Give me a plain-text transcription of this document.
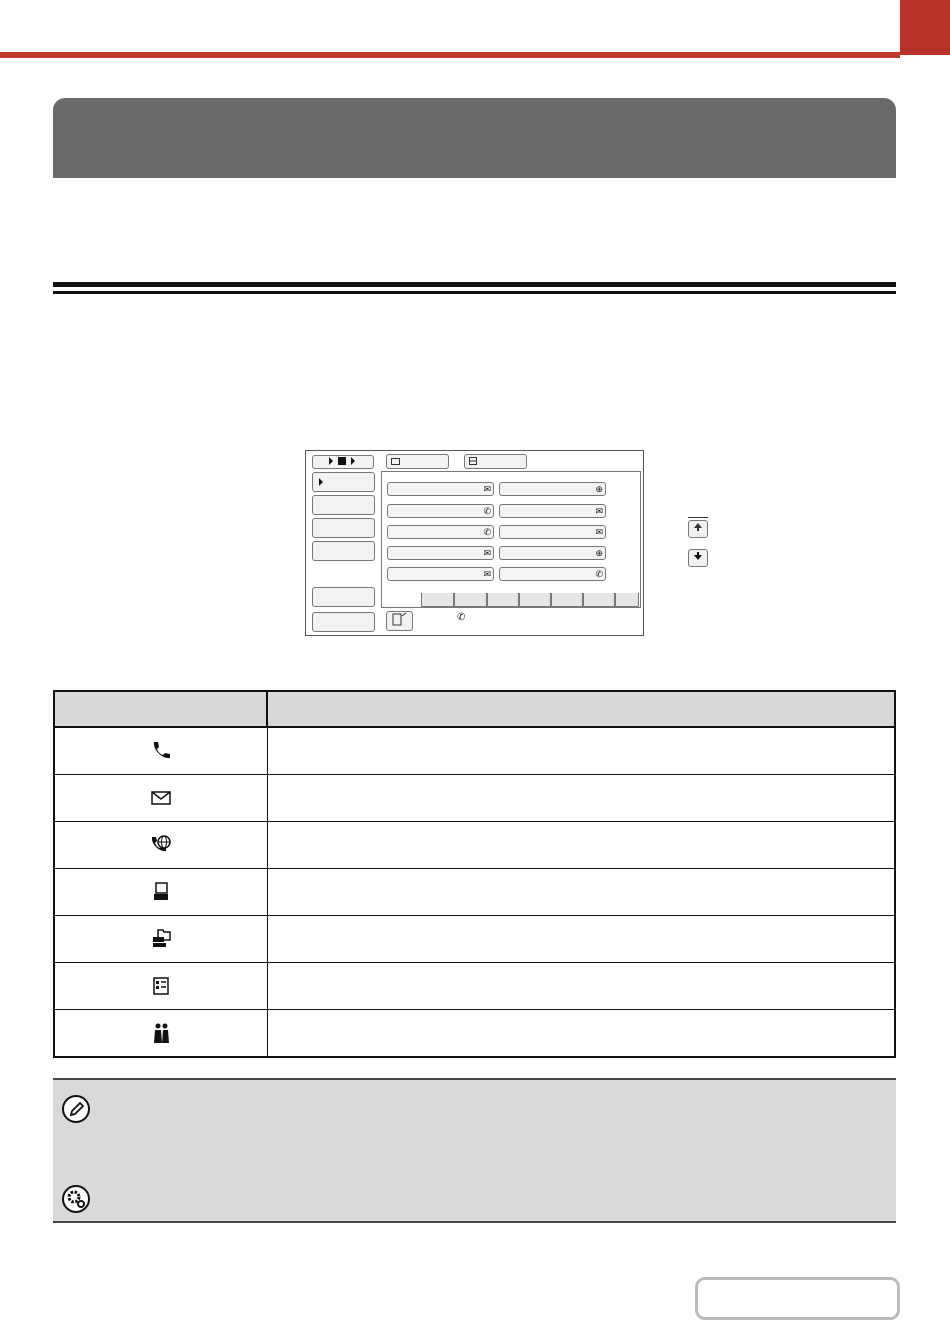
✉	⊕
✆	✉
✆	✉
✉	⊕
✉	✆
✆
